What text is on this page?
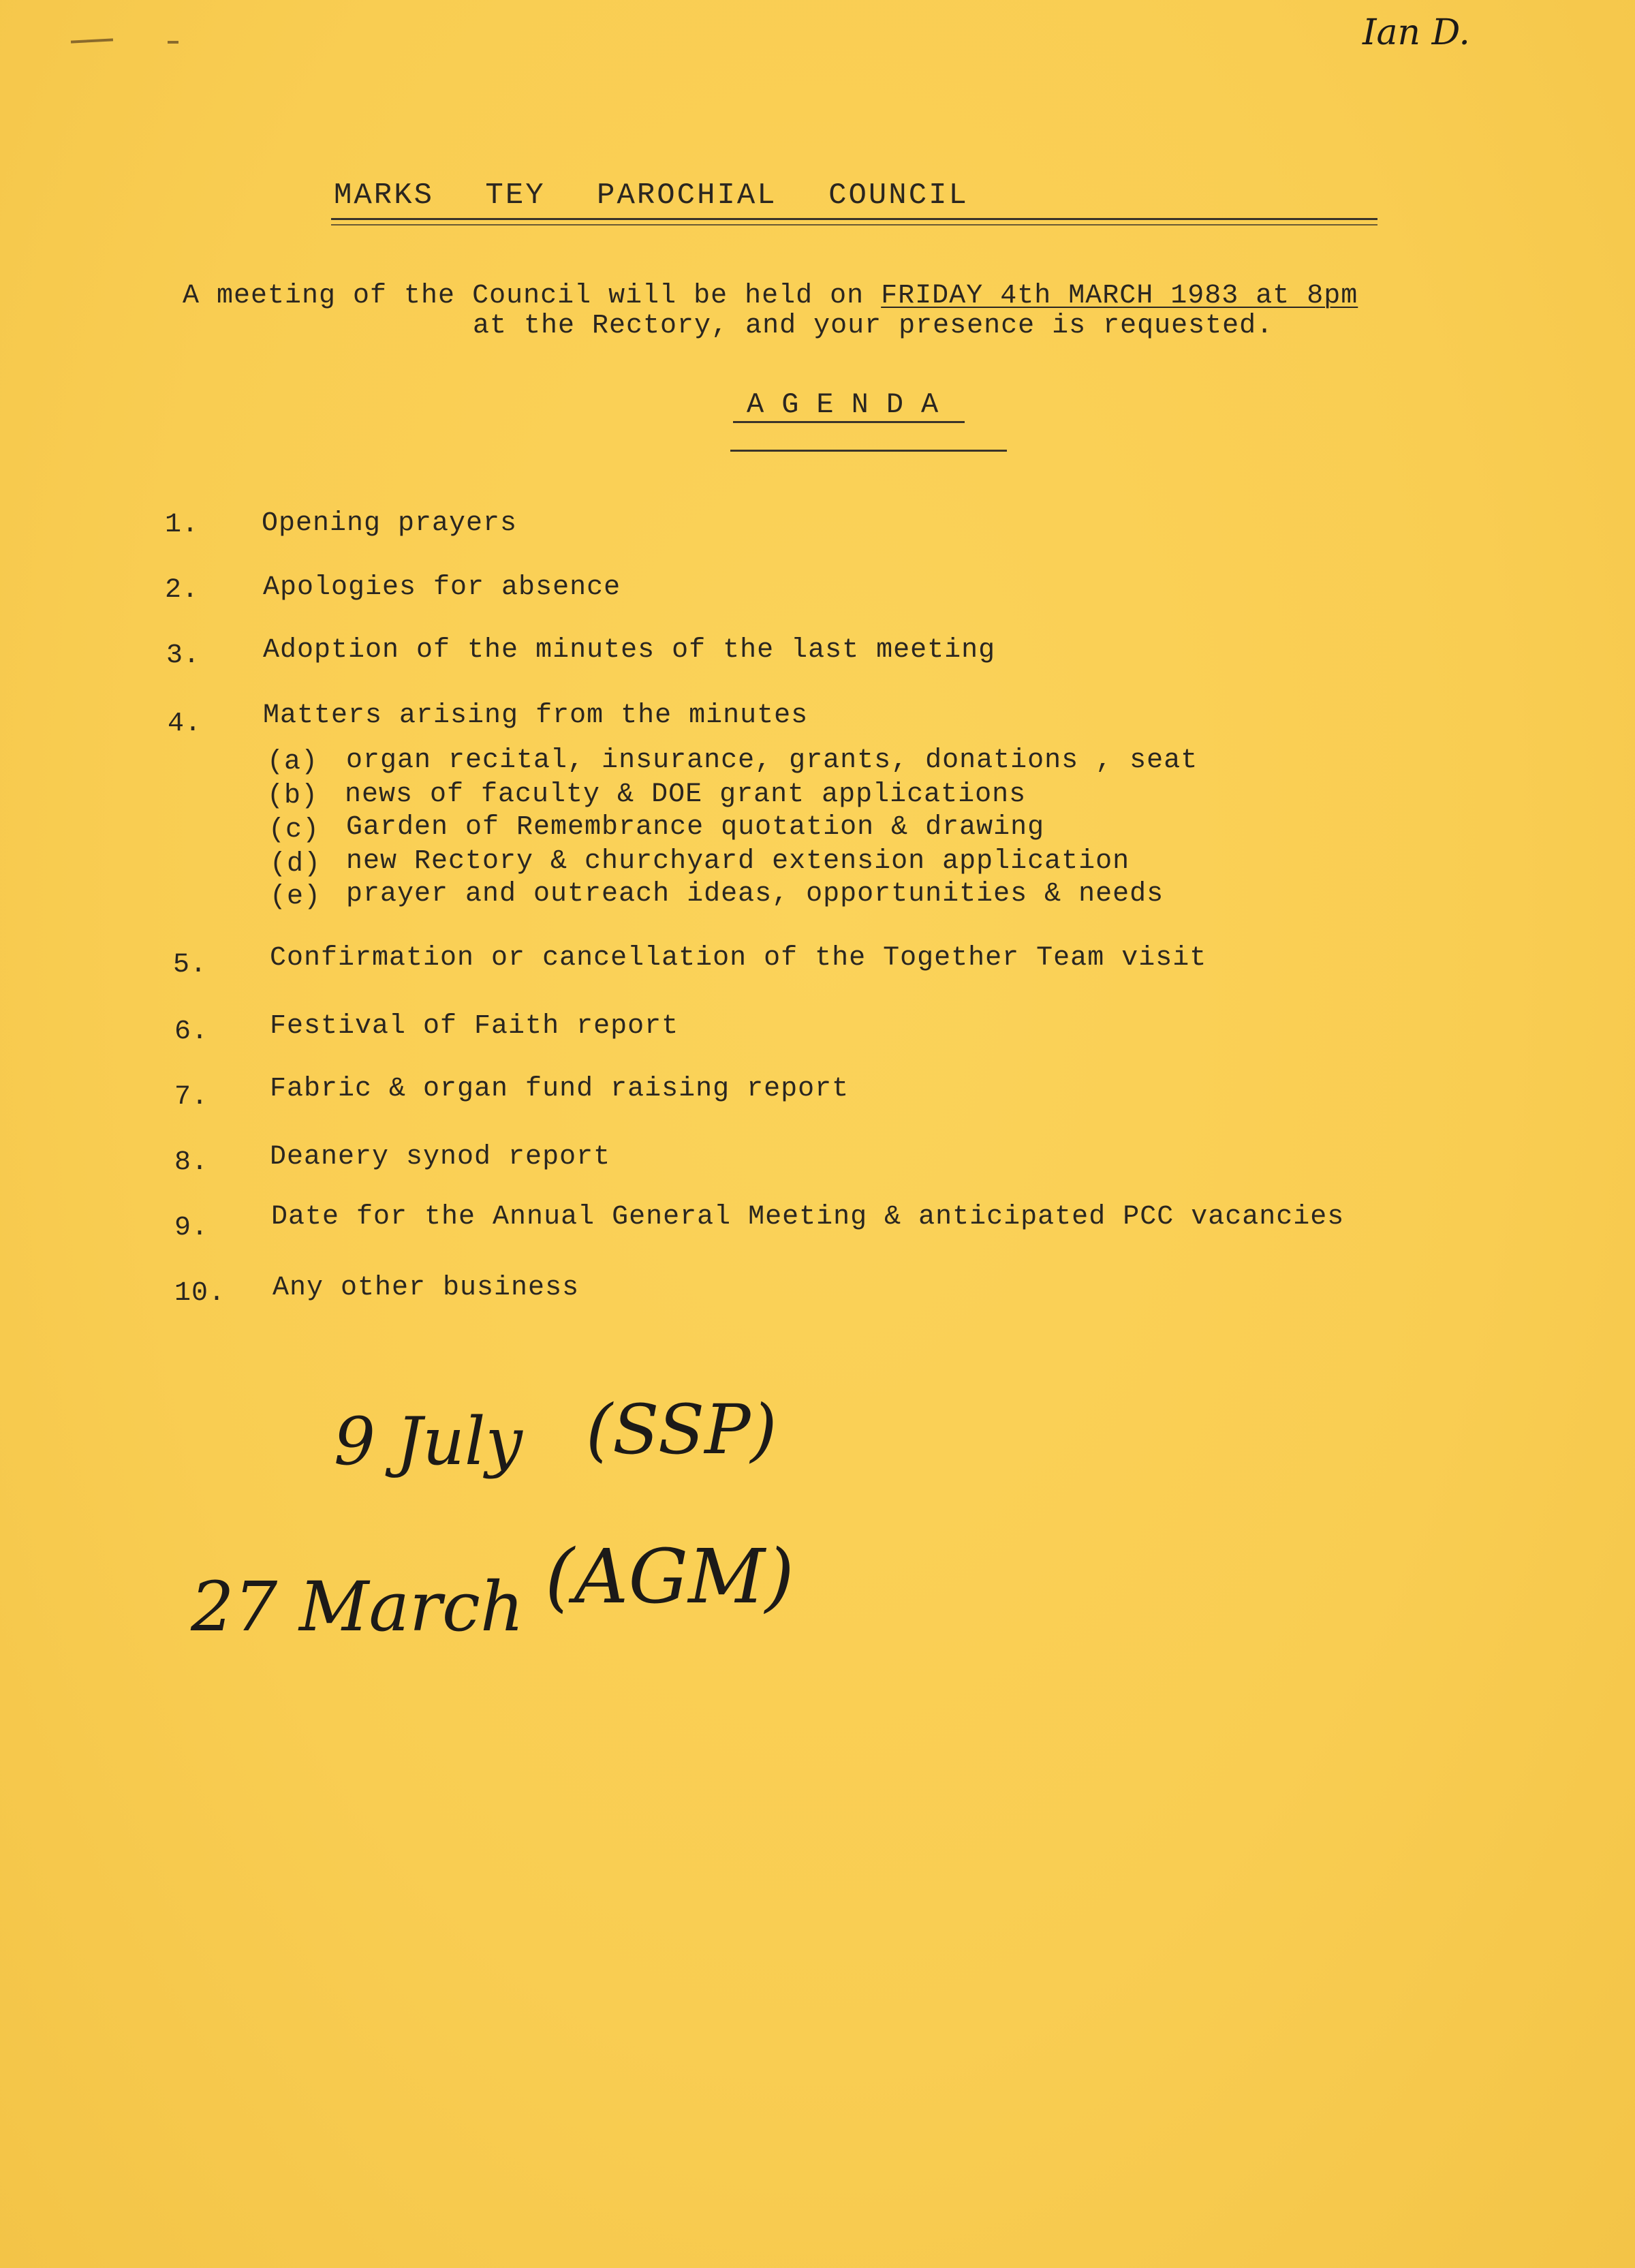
Ian D.
MARKS TEY PAROCHIAL COUNCIL
A meeting of the Council will be held on FRIDAY 4th MARCH 1983 at 8pm
at the Rectory, and your presence is requested.
AGENDA
1. Opening prayers
2. Apologies for absence
3. Adoption of the minutes of the last meeting
4. Matters arising from the minutes
(a) organ recital, insurance, grants, donations , seat
(b) news of faculty & DOE grant applications
(c) Garden of Remembrance quotation & drawing
(d) new Rectory & churchyard extension application
(e) prayer and outreach ideas, opportunities & needs
5. Confirmation or cancellation of the Together Team visit
6. Festival of Faith report
7. Fabric & organ fund raising report
8. Deanery synod report
9. Date for the Annual General Meeting & anticipated PCC vacancies
10. Any other business
9 July (SSP)
27 March (AGM)
